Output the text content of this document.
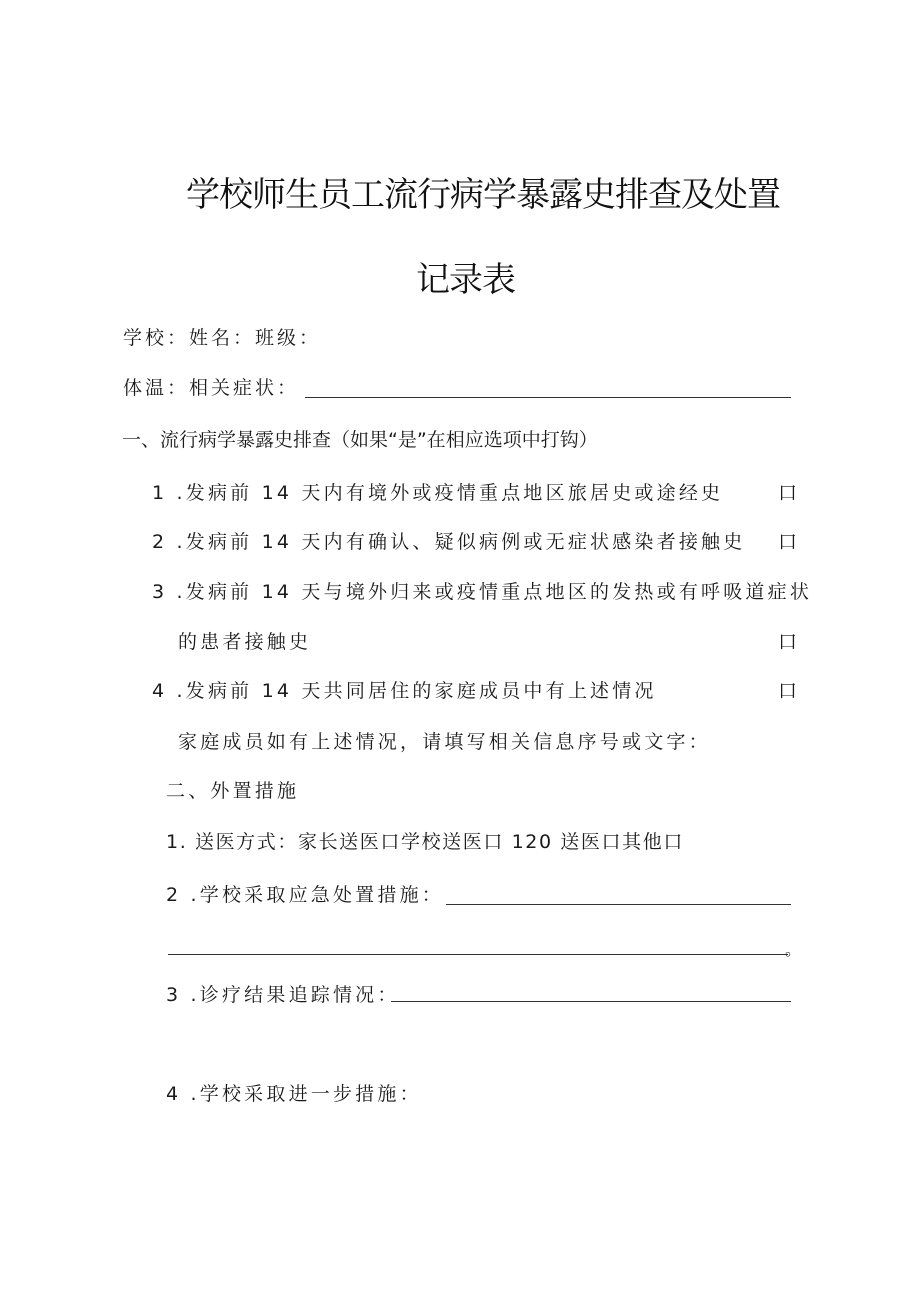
学校师生员工流行病学暴露史排查及处置
记录表
学校：姓名：班级：
体温：相关症状：
一、流行病学暴露史排查（如果“是”在相应选项中打钩）
1 .发病前 14 天内有境外或疫情重点地区旅居史或途经史	口
2 .发病前 14 天内有确认、疑似病例或无症状感染者接触史 口
3 .发病前 14 天与境外归来或疫情重点地区的发热或有呼吸道症状
的患者接触史	口
4 .发病前 14 天共同居住的家庭成员中有上述情况	口
家庭成员如有上述情况，请填写相关信息序号或文字：
二、外置措施
1. 送医方式：家长送医口学校送医口 120 送医口其他口
2 .学校采取应急处置措施：
。
3 .诊疗结果追踪情况：
4 .学校采取进一步措施：
